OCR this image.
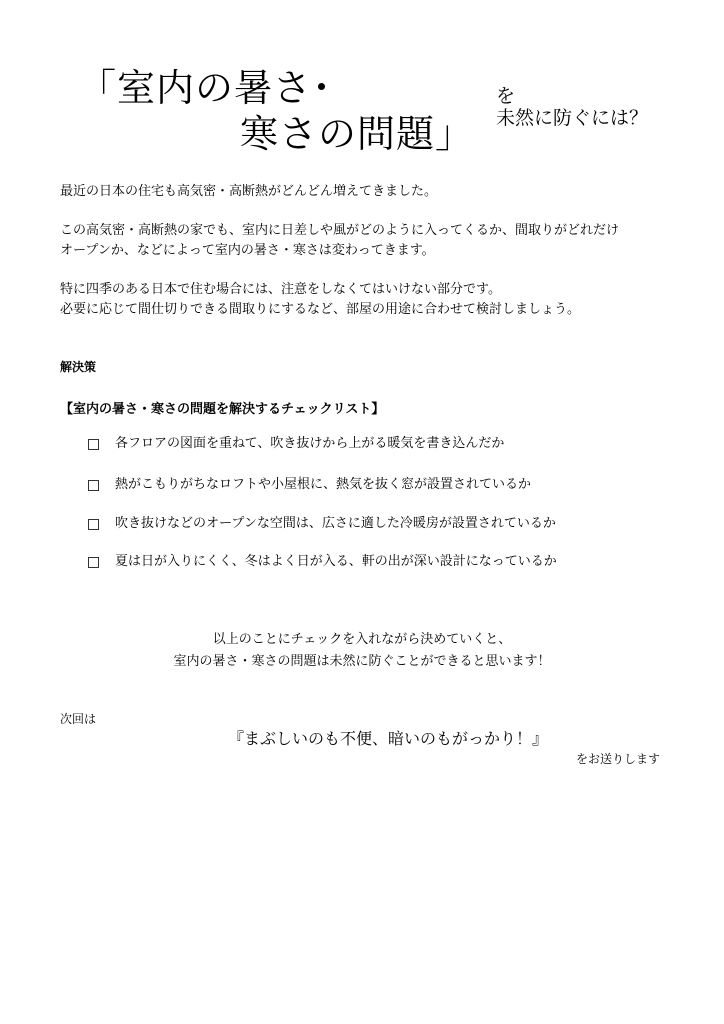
「室内の暑さ･
寒さの問題」
を
未然に防ぐには？
最近の日本の住宅も高気密・高断熱がどんどん増えてきました。
この高気密・高断熱の家でも、室内に日差しや風がどのように入ってくるか、間取りがどれだけ
オープンか、などによって室内の暑さ・寒さは変わってきます。
特に四季のある日本で住む場合には、注意をしなくてはいけない部分です。
必要に応じて間仕切りできる間取りにするなど、部屋の用途に合わせて検討しましょう。
解決策
【室内の暑さ・寒さの問題を解決するチェックリスト】
各フロアの図面を重ねて、吹き抜けから上がる暖気を書き込んだか
熱がこもりがちなロフトや小屋根に、熱気を抜く窓が設置されているか
吹き抜けなどのオープンな空間は、広さに適した冷暖房が設置されているか
夏は日が入りにくく、冬はよく日が入る、軒の出が深い設計になっているか
以上のことにチェックを入れながら決めていくと、
室内の暑さ・寒さの問題は未然に防ぐことができると思います！
次回は
『まぶしいのも不便、暗いのもがっかり！』
をお送りします
